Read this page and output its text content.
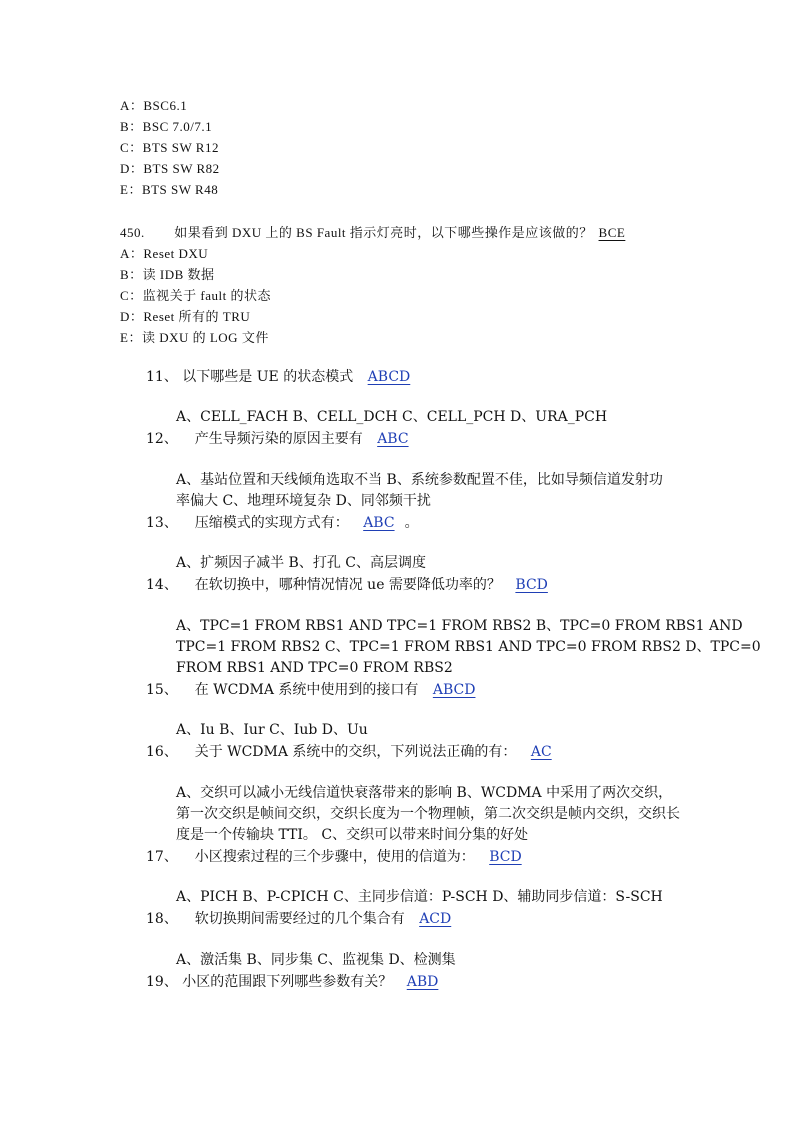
A：BSC6.1
B：BSC 7.0/7.1
C：BTS SW R12
D：BTS SW R82
E：BTS SW R48
450. 如果看到 DXU 上的 BS Fault 指示灯亮时，以下哪些操作是应该做的？ BCE
A：Reset DXU
B：读 IDB 数据
C：监视关于 fault 的状态
D：Reset 所有的 TRU
E：读 DXU 的 LOG 文件
11、 以下哪些是 UE 的状态模式 ABCD
A、CELL_FACH B、CELL_DCH C、CELL_PCH D、URA_PCH
12、 产生导频污染的原因主要有 ABC
A、基站位置和天线倾角选取不当 B、系统参数配置不佳，比如导频信道发射功
率偏大 C、地理环境复杂 D、同邻频干扰
13、 压缩模式的实现方式有： ABC 。
A、扩频因子减半 B、打孔 C、高层调度
14、 在软切换中，哪种情况情况 ue 需要降低功率的？ BCD
A、TPC=1 FROM RBS1 AND TPC=1 FROM RBS2 B、TPC=0 FROM RBS1 AND
TPC=1 FROM RBS2 C、TPC=1 FROM RBS1 AND TPC=0 FROM RBS2 D、TPC=0
FROM RBS1 AND TPC=0 FROM RBS2
15、 在 WCDMA 系统中使用到的接口有 ABCD
A、Iu B、Iur C、Iub D、Uu
16、 关于 WCDMA 系统中的交织，下列说法正确的有： AC
A、交织可以减小无线信道快衰落带来的影响 B、WCDMA 中采用了两次交织，
第一次交织是帧间交织，交织长度为一个物理帧，第二次交织是帧内交织，交织长
度是一个传输块 TTI。 C、交织可以带来时间分集的好处
17、 小区搜索过程的三个步骤中，使用的信道为： BCD
A、PICH B、P-CPICH C、主同步信道：P-SCH D、辅助同步信道：S-SCH
18、 软切换期间需要经过的几个集合有 ACD
A、激活集 B、同步集 C、监视集 D、检测集
19、 小区的范围跟下列哪些参数有关？ ABD
